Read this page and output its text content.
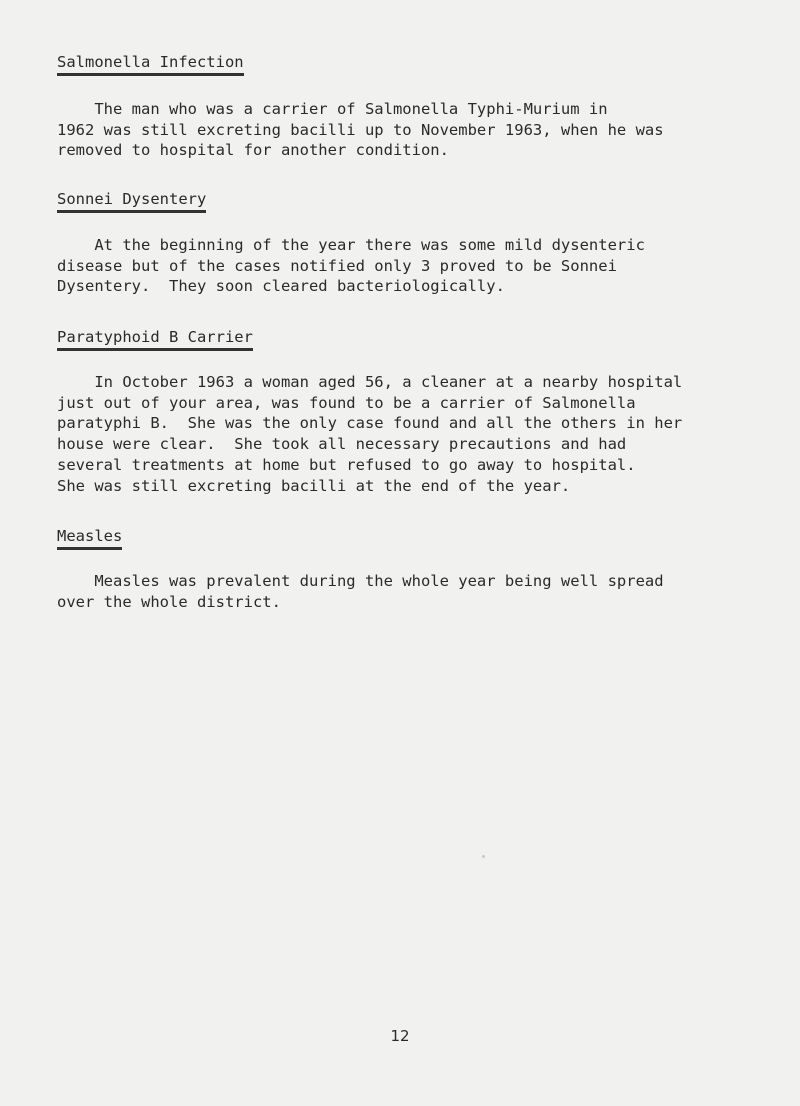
Salmonella Infection

The man who was a carrier of Salmonella Typhi-Murium in
1962 was still excreting bacilli up to November 1963, when he was
removed to hospital for another condition.

Sonnei Dysentery

At the beginning of the year there was some mild dysenteric
disease but of the cases notified only 3 proved to be Sonnei
Dysentery.  They soon cleared bacteriologically.

Paratyphoid B Carrier

In October 1963 a woman aged 56, a cleaner at a nearby hospital
just out of your area, was found to be a carrier of Salmonella
paratyphi B.  She was the only case found and all the others in her
house were clear.  She took all necessary precautions and had
several treatments at home but refused to go away to hospital.
She was still excreting bacilli at the end of the year.

Measles

Measles was prevalent during the whole year being well spread
over the whole district.

12
